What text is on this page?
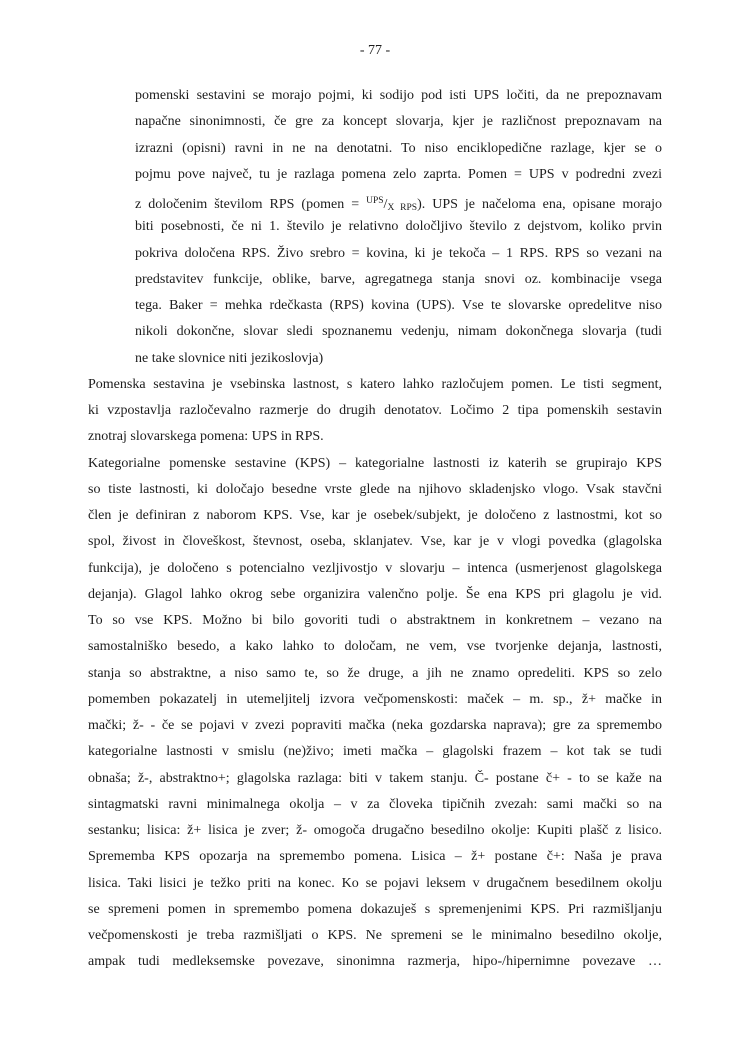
- 77 -
pomenski sestavini se morajo pojmi, ki sodijo pod isti UPS ločiti, da ne prepoznavam
napačne sinonimnosti, če gre za koncept slovarja, kjer je različnost prepoznavam na
izrazni (opisni) ravni in ne na denotatni. To niso enciklopedične razlage, kjer se o
pojmu pove največ, tu je razlaga pomena zelo zaprta. Pomen = UPS v podredni zvezi
z določenim številom RPS (pomen = $^{UPS}$/X RPS). UPS je načeloma ena, opisane morajo
biti posebnosti, če ni 1. število je relativno določljivo število z dejstvom, koliko prvin
pokriva določena RPS. Živo srebro = kovina, ki je tekoča – 1 RPS. RPS so vezani na
predstavitev funkcije, oblike, barve, agregatnega stanja snovi oz. kombinacije vsega
tega. Baker = mehka rdečkasta (RPS) kovina (UPS). Vse te slovarske opredelitve niso
nikoli dokončne, slovar sledi spoznanemu vedenju, nimam dokončnega slovarja (tudi
ne take slovnice niti jezikoslovja)
Pomenska sestavina je vsebinska lastnost, s katero lahko razločujem pomen. Le tisti segment,
ki vzpostavlja razločevalno razmerje do drugih denotatov. Ločimo 2 tipa pomenskih sestavin
znotraj slovarskega pomena: UPS in RPS.
Kategorialne pomenske sestavine (KPS) – kategorialne lastnosti iz katerih se grupirajo KPS
so tiste lastnosti, ki določajo besedne vrste glede na njihovo skladenjsko vlogo. Vsak stavčni
člen je definiran z naborom KPS. Vse, kar je osebek/subjekt, je določeno z lastnostmi, kot so
spol, živost in človeškost, števnost, oseba, sklanjatev. Vse, kar je v vlogi povedka (glagolska
funkcija), je določeno s potencialno vezljivostjo v slovarju – intenca (usmerjenost glagolskega
dejanja). Glagol lahko okrog sebe organizira valenčno polje. Še ena KPS pri glagolu je vid.
To so vse KPS. Možno bi bilo govoriti tudi o abstraktnem in konkretnem – vezano na
samostalniško besedo, a kako lahko to določam, ne vem, vse tvorjenke dejanja, lastnosti,
stanja so abstraktne, a niso samo te, so že druge, a jih ne znamo opredeliti. KPS so zelo
pomemben pokazatelj in utemeljitelj izvora večpomenskosti: maček – m. sp., ž+ mačke in
mački; ž- - če se pojavi v zvezi popraviti mačka (neka gozdarska naprava); gre za spremembo
kategorialne lastnosti v smislu (ne)živo; imeti mačka – glagolski frazem – kot tak se tudi
obnaša; ž-, abstraktno+; glagolska razlaga: biti v takem stanju. Č- postane č+ - to se kaže na
sintagmatski ravni minimalnega okolja – v za človeka tipičnih zvezah: sami mački so na
sestanku; lisica: ž+ lisica je zver; ž- omogoča drugačno besedilno okolje: Kupiti plašč z lisico.
Sprememba KPS opozarja na spremembo pomena. Lisica – ž+ postane č+: Naša je prava
lisica. Taki lisici je težko priti na konec. Ko se pojavi leksem v drugačnem besedilnem okolju
se spremeni pomen in spremembo pomena dokazuješ s spremenjenimi KPS. Pri razmišljanju
večpomenskosti je treba razmišljati o KPS. Ne spremeni se le minimalno besedilno okolje,
ampak tudi medleksemske povezave, sinonimna razmerja, hipo-/hipernimne povezave …
